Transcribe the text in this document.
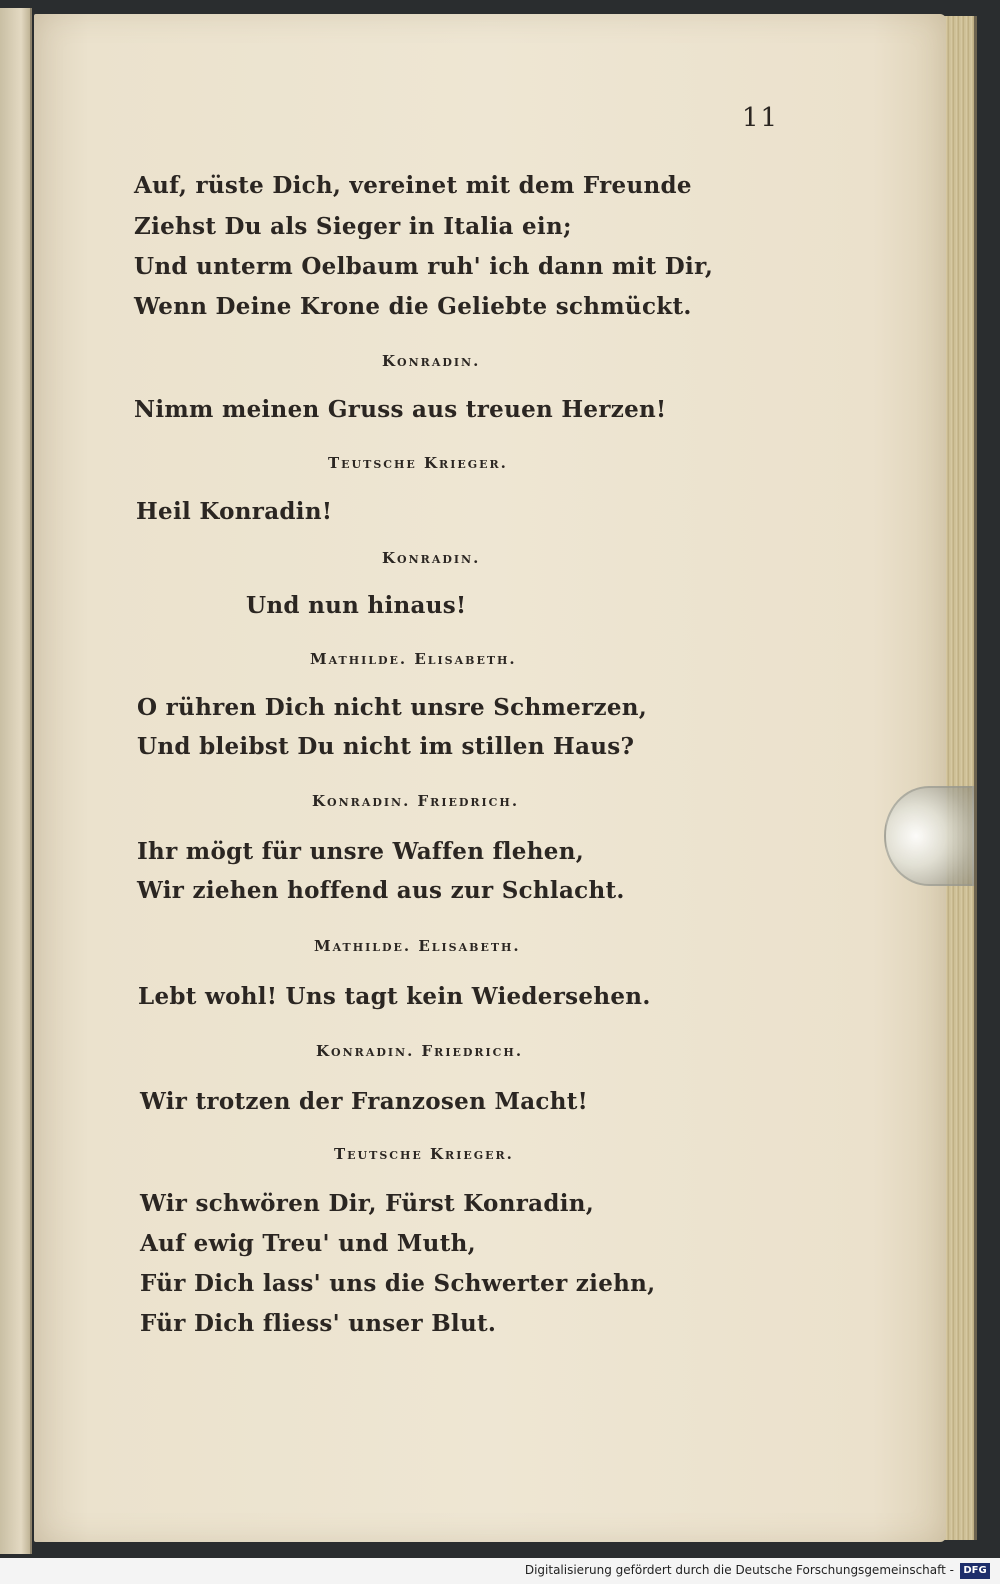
11
Auf, rüste Dich, vereinet mit dem Freunde
Ziehst Du als Sieger in Italia ein;
Und unterm Oelbaum ruh' ich dann mit Dir,
Wenn Deine Krone die Geliebte schmückt.
Konradin.
Nimm meinen Gruss aus treuen Herzen!
Teutsche Krieger.
Heil Konradin!
Konradin.
Und nun hinaus!
Mathilde. Elisabeth.
O rühren Dich nicht unsre Schmerzen,
Und bleibst Du nicht im stillen Haus?
Konradin. Friedrich.
Ihr mögt für unsre Waffen flehen,
Wir ziehen hoffend aus zur Schlacht.
Mathilde. Elisabeth.
Lebt wohl! Uns tagt kein Wiedersehen.
Konradin. Friedrich.
Wir trotzen der Franzosen Macht!
Teutsche Krieger.
Wir schwören Dir, Fürst Konradin,
Auf ewig Treu' und Muth,
Für Dich lass' uns die Schwerter ziehn,
Für Dich fliess' unser Blut.
Digitalisierung gefördert durch die Deutsche Forschungsgemeinschaft - DFG
